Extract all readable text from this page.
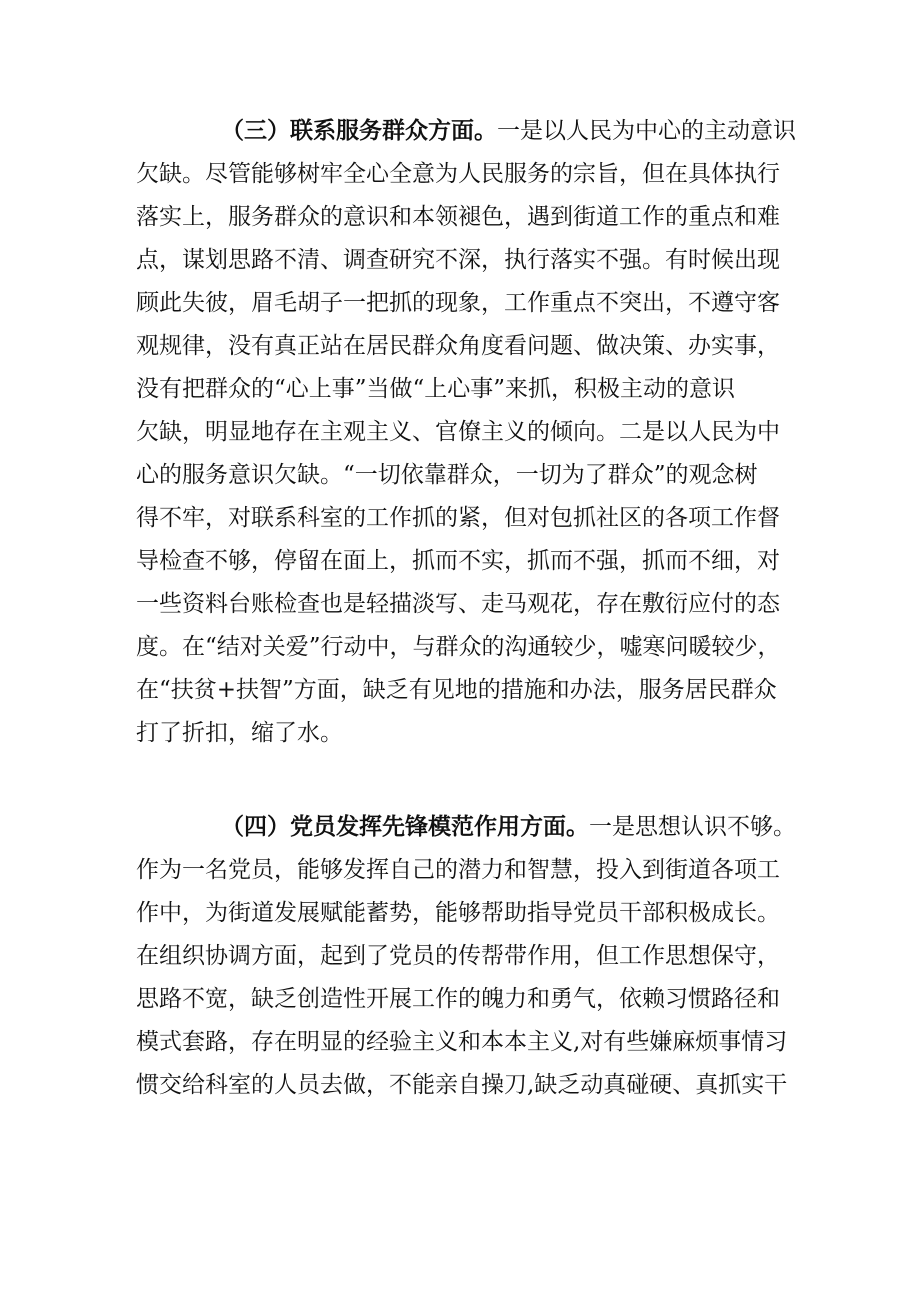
（三）联系服务群众方面。一是以人民为中心的主动意识
欠缺。尽管能够树牢全心全意为人民服务的宗旨，但在具体执行
落实上，服务群众的意识和本领褪色，遇到街道工作的重点和难
点，谋划思路不清、调查研究不深，执行落实不强。有时候出现
顾此失彼，眉毛胡子一把抓的现象，工作重点不突出，不遵守客
观规律，没有真正站在居民群众角度看问题、做决策、办实事，
没有把群众的“心上事”当做“上心事”来抓，积极主动的意识
欠缺，明显地存在主观主义、官僚主义的倾向。二是以人民为中
心的服务意识欠缺。“一切依靠群众，一切为了群众”的观念树
得不牢，对联系科室的工作抓的紧，但对包抓社区的各项工作督
导检查不够，停留在面上，抓而不实，抓而不强，抓而不细，对
一些资料台账检查也是轻描淡写、走马观花，存在敷衍应付的态
度。在“结对关爱”行动中，与群众的沟通较少，嘘寒问暖较少，
在“扶贫+扶智”方面，缺乏有见地的措施和办法，服务居民群众
打了折扣，缩了水。
（四）党员发挥先锋模范作用方面。一是思想认识不够。
作为一名党员，能够发挥自己的潜力和智慧，投入到街道各项工
作中，为街道发展赋能蓄势，能够帮助指导党员干部积极成长。
在组织协调方面，起到了党员的传帮带作用，但工作思想保守，
思路不宽，缺乏创造性开展工作的魄力和勇气，依赖习惯路径和
模式套路，存在明显的经验主义和本本主义,对有些嫌麻烦事情习
惯交给科室的人员去做，不能亲自操刀,缺乏动真碰硬、真抓实干
